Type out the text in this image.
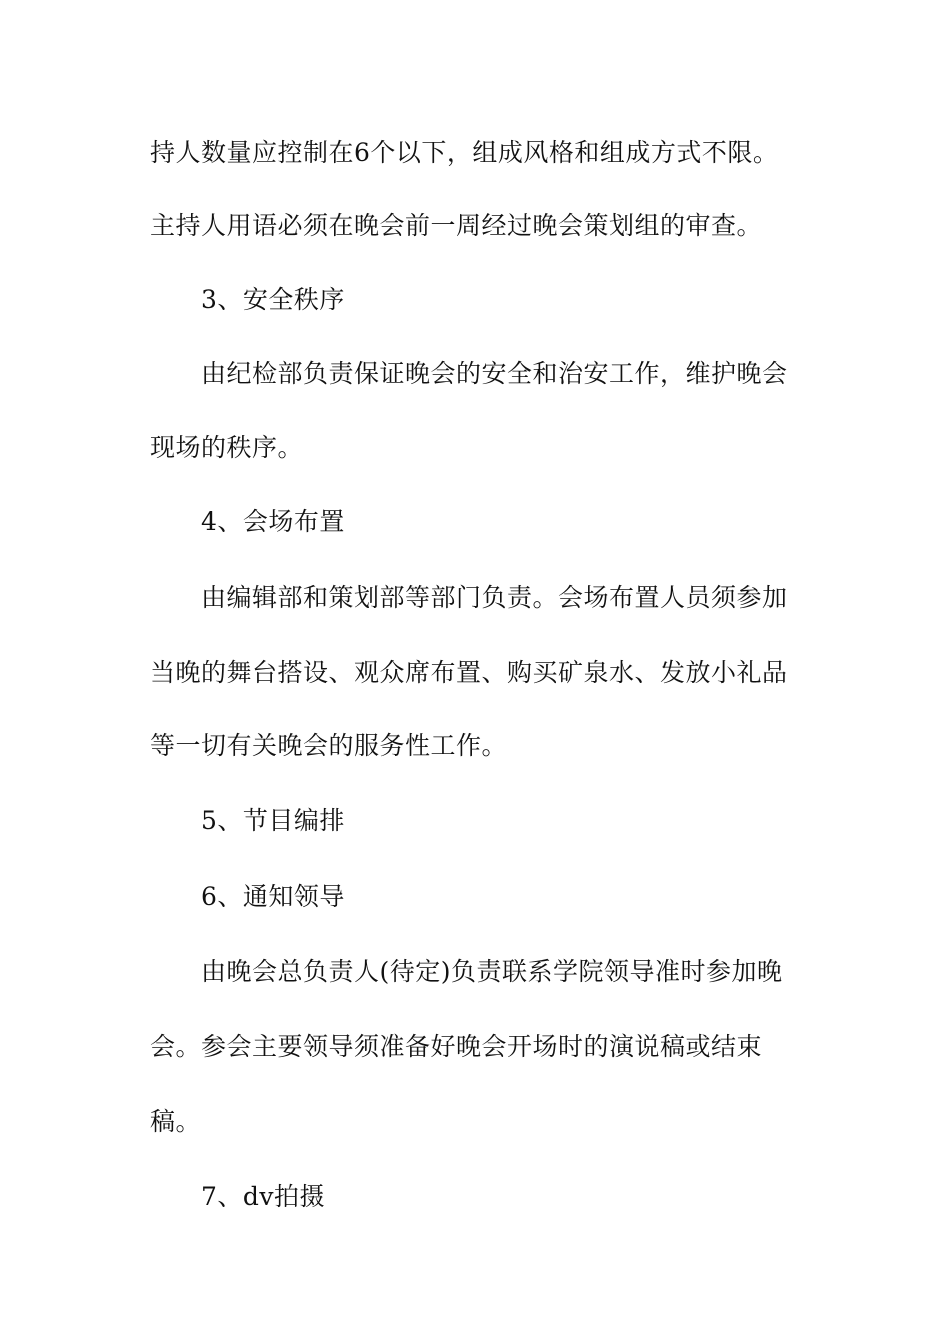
持人数量应控制在6个以下，组成风格和组成方式不限。
主持人用语必须在晚会前一周经过晚会策划组的审查。
3、安全秩序
由纪检部负责保证晚会的安全和治安工作，维护晚会
现场的秩序。
4、会场布置
由编辑部和策划部等部门负责。会场布置人员须参加
当晚的舞台搭设、观众席布置、购买矿泉水、发放小礼品
等一切有关晚会的服务性工作。
5、节目编排
6、通知领导
由晚会总负责人(待定)负责联系学院领导准时参加晚
会。参会主要领导须准备好晚会开场时的演说稿或结束
稿。
7、dv拍摄
